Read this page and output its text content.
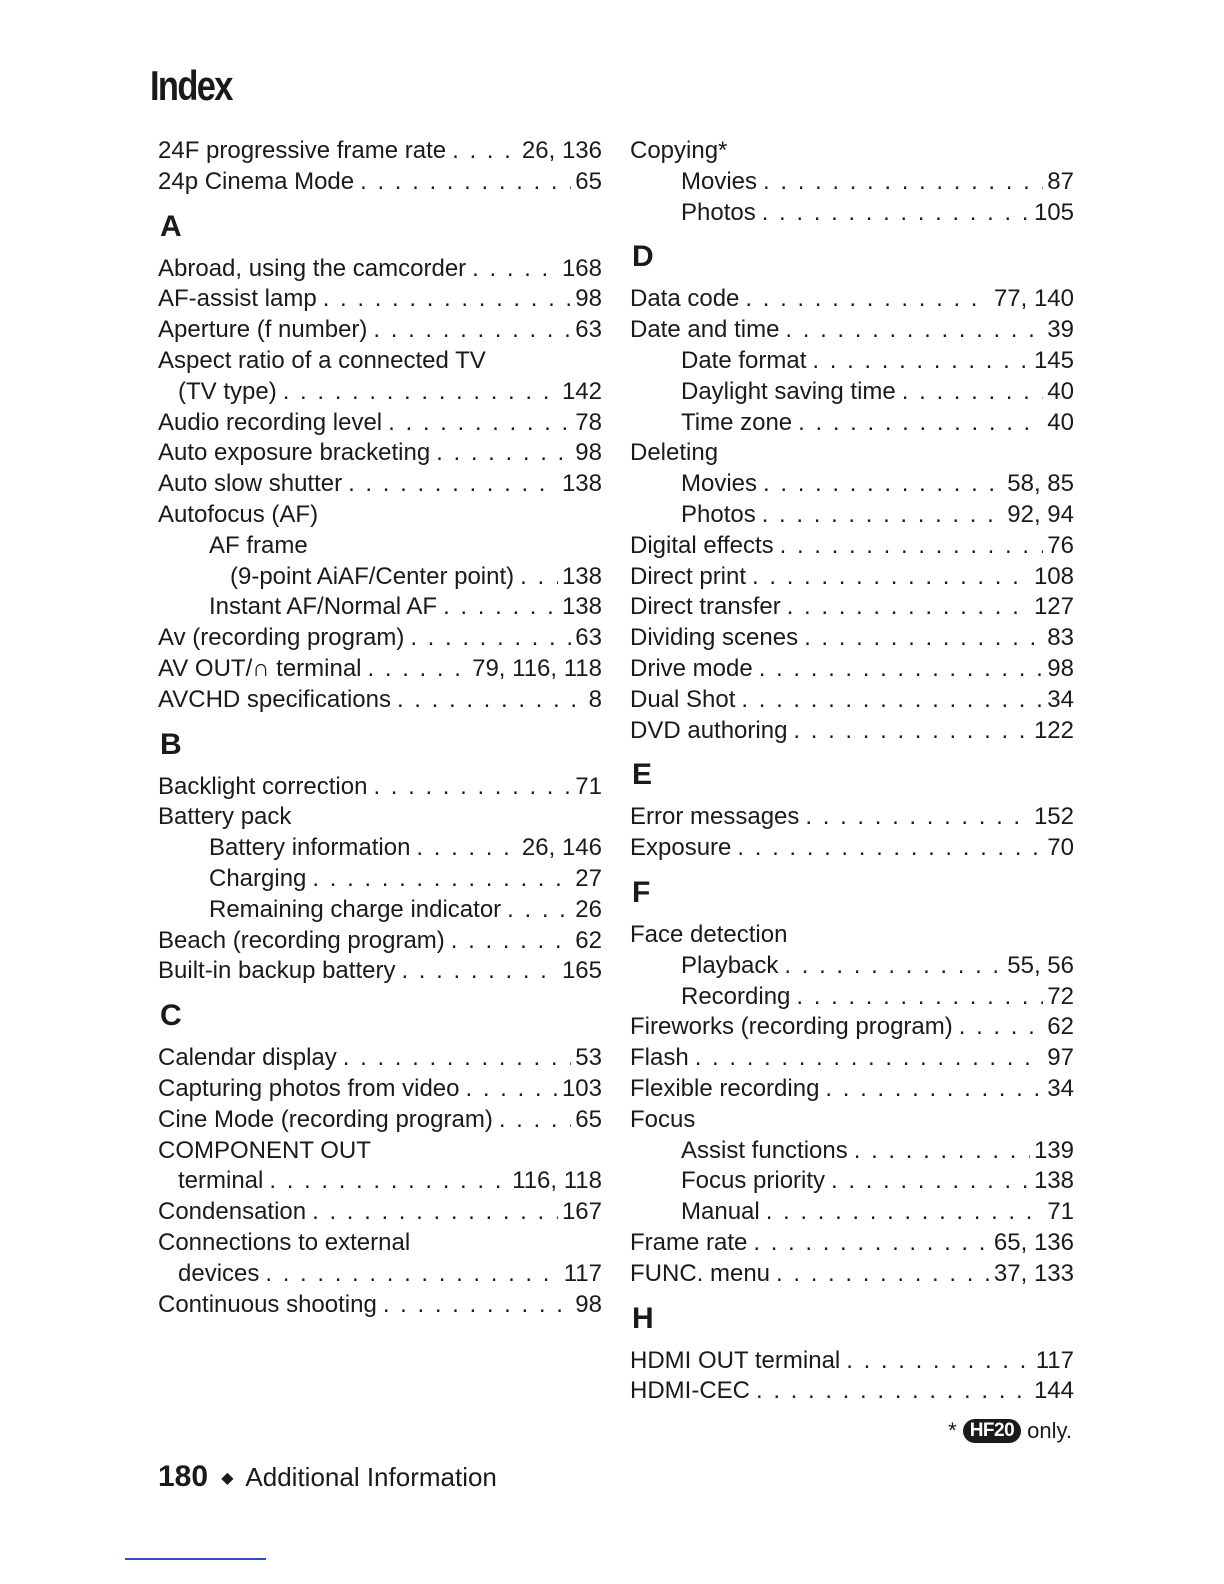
Index
24F progressive frame rate . . .	26, 136
24p Cinema Mode . . .	65
A
Abroad, using the camcorder . . .	168
AF-assist lamp . . .	98
Aperture (f number) . . .	63
Aspect ratio of a connected TV
(TV type) . . .	142
Audio recording level . . .	78
Auto exposure bracketing . . .	98
Auto slow shutter . . .	138
Autofocus (AF)
AF frame
(9-point AiAF/Center point) . . . 138
Instant AF/Normal AF . . .	138
Av (recording program) . . .	63
AV OUT/∩ terminal . . .	79, 116, 118
AVCHD specifications . . .	8
B
Backlight correction . . .	71
Battery pack
Battery information . . .	26, 146
Charging . . .	27
Remaining charge indicator . . .	26
Beach (recording program) . . .	62
Built-in backup battery . . .	165
C
Calendar display . . .	53
Capturing photos from video . . .	103
Cine Mode (recording program) . . .	65
COMPONENT OUT
terminal . . .	116, 118
Condensation . . .	167
Connections to external
devices . . .	117
Continuous shooting . . .	98
Copying*
Movies . . .	87
Photos . . .	105
D
Data code . . .	77, 140
Date and time . . .	39
Date format . . .	145
Daylight saving time . . .	40
Time zone . . .	40
Deleting
Movies . . .	58, 85
Photos . . .	92, 94
Digital effects . . .	76
Direct print . . .	108
Direct transfer . . .	127
Dividing scenes . . .	83
Drive mode . . .	98
Dual Shot . . .	34
DVD authoring . . .	122
E
Error messages . . .	152
Exposure . . .	70
F
Face detection
Playback . . .	55, 56
Recording . . .	72
Fireworks (recording program) . . .	62
Flash . . .	97
Flexible recording . . .	34
Focus
Assist functions . . .	139
Focus priority . . .	138
Manual . . .	71
Frame rate . . .	65, 136
FUNC. menu . . .	37, 133
H
HDMI OUT terminal . . .	117
HDMI-CEC . . .	144
* HF20 only.
180 ◆ Additional Information
